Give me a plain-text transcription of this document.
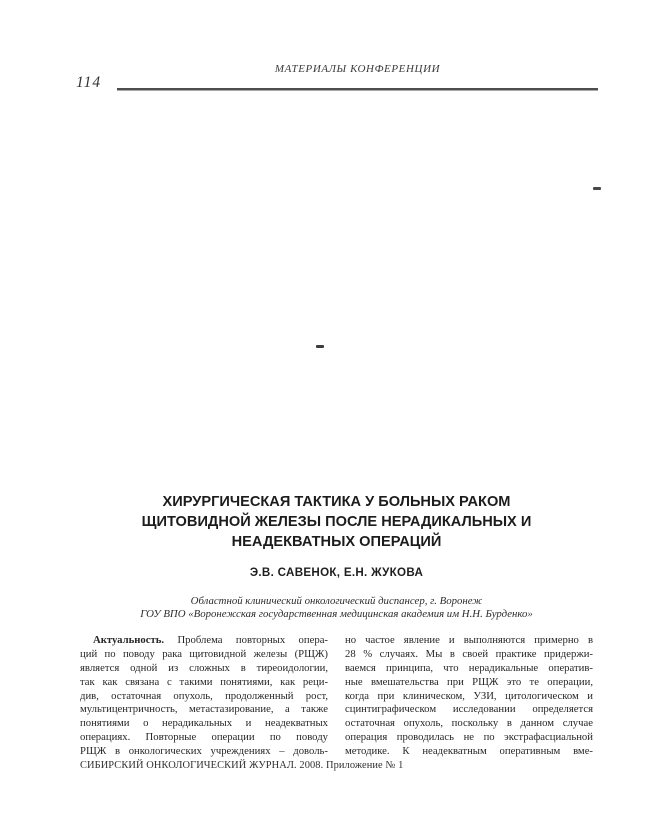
114
МАТЕРИАЛЫ КОНФЕРЕНЦИИ
ХИРУРГИЧЕСКАЯ ТАКТИКА У БОЛЬНЫХ РАКОМ
ЩИТОВИДНОЙ ЖЕЛЕЗЫ ПОСЛЕ НЕРАДИКАЛЬНЫХ И
НЕАДЕКВАТНЫХ ОПЕРАЦИЙ
Э.В. САВЕНОК, Е.Н. ЖУКОВА
Областной клинический онкологический диспансер, г. Воронеж
ГОУ ВПО «Воронежская государственная медицинская академия им Н.Н. Бурденко»
Актуальность. Проблема повторных опера-
ций по поводу рака щитовидной железы (РЩЖ)
является одной из сложных в тиреоидологии,
так как связана с такими понятиями, как реци-
див, остаточная опухоль, продолженный рост,
мультицентричность, метастазирование, а также
понятиями о нерадикальных и неадекватных
операциях. Повторные операции по поводу
РЩЖ в онкологических учреждениях – доволь-
но частое явление и выполняются примерно в
28 % случаях. Мы в своей практике придержи-
ваемся принципа, что нерадикальные оператив-
ные вмешательства при РЩЖ это те операции,
когда при клиническом, УЗИ, цитологическом и
сцинтиграфическом исследовании определяется
остаточная опухоль, поскольку в данном случае
операция проводилась не по экстрафасциальной
методике. К неадекватным оперативным вме-
СИБИРСКИЙ ОНКОЛОГИЧЕСКИЙ ЖУРНАЛ. 2008. Приложение № 1
